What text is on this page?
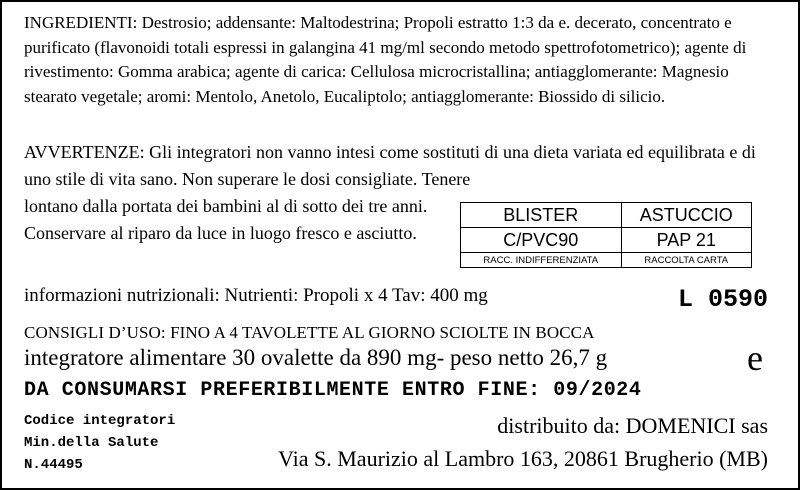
INGREDIENTI: Destrosio; addensante: Maltodestrina; Propoli estratto 1:3 da e. decerato, concentrato e purificato (flavonoidi totali espressi in galangina 41 mg/ml secondo metodo spettrofotometrico); agente di rivestimento: Gomma arabica; agente di carica: Cellulosa microcristallina; antiagglomerante: Magnesio stearato vegetale; aromi: Mentolo, Anetolo, Eucaliptolo; antiagglomerante: Biossido di silicio.
AVVERTENZE: Gli integratori non vanno intesi come sostituti di una dieta variata ed equilibrata e di uno stile di vita sano. Non superare le dosi consigliate. Tenere
lontano dalla portata dei bambini al di sotto dei tre anni. Conservare al riparo da luce in luogo fresco e asciutto.
BLISTER	ASTUCCIO
C/PVC90	PAP 21
RACC. INDIFFERENZIATA	RACCOLTA CARTA
informazioni nutrizionali: Nutrienti: Propoli x 4 Tav: 400 mg	L 0590
CONSIGLI D’USO: FINO A 4 TAVOLETTE AL GIORNO SCIOLTE IN BOCCA
integratore alimentare 30 ovalette da 890 mg- peso netto 26,7 g	e
DA CONSUMARSI PREFERIBILMENTE ENTRO FINE: 09/2024
Codice integratori
Min.della Salute
N.44495
distribuito da: DOMENICI sas
Via S. Maurizio al Lambro 163, 20861 Brugherio (MB)
